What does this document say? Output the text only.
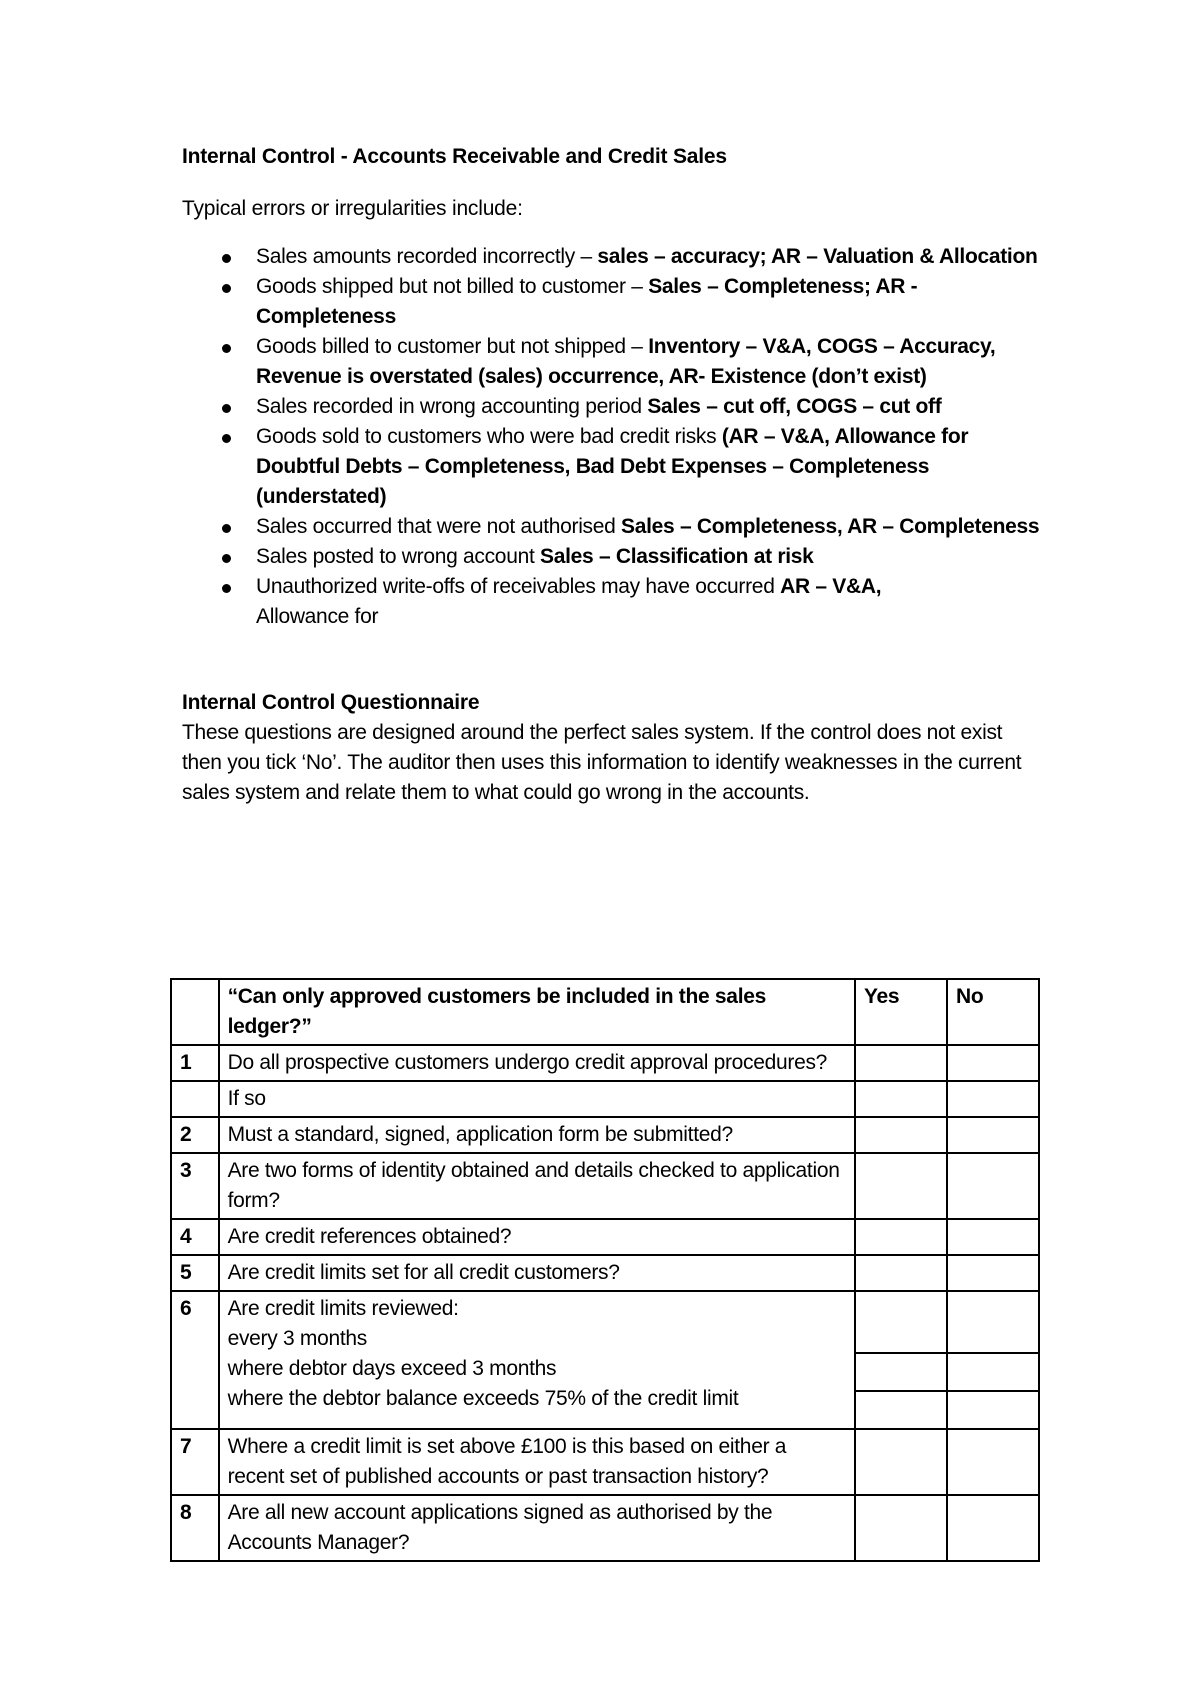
Internal Control - Accounts Receivable and Credit Sales

Typical errors or irregularities include:

Sales amounts recorded incorrectly – sales – accuracy; AR – Valuation & Allocation
Goods shipped but not billed to customer – Sales – Completeness; AR - Completeness
Goods billed to customer but not shipped – Inventory – V&A, COGS – Accuracy, Revenue is overstated (sales) occurrence, AR- Existence (don’t exist)
Sales recorded in wrong accounting period Sales – cut off, COGS – cut off
Goods sold to customers who were bad credit risks (AR – V&A, Allowance for Doubtful Debts – Completeness, Bad Debt Expenses – Completeness (understated)
Sales occurred that were not authorised Sales – Completeness, AR – Completeness
Sales posted to wrong account Sales – Classification at risk
Unauthorized write-offs of receivables may have occurred AR – V&A,
Allowance for

Internal Control Questionnaire

These questions are designed around the perfect sales system. If the control does not exist then you tick ‘No’. The auditor then uses this information to identify weaknesses in the current sales system and relate them to what could go wrong in the accounts.

	“Can only approved customers be included in the sales ledger?”	Yes	No
1	Do all prospective customers undergo credit approval procedures?		
	If so		
2	Must a standard, signed, application form be submitted?		
3	Are two forms of identity obtained and details checked to application form?		
4	Are credit references obtained?		
5	Are credit limits set for all credit customers?		
6	Are credit limits reviewed:
every 3 months
where debtor days exceed 3 months
where the debtor balance exceeds 75% of the credit limit		

7	Where a credit limit is set above £100 is this based on either a recent set of published accounts or past transaction history?		
8	Are all new account applications signed as authorised by the Accounts Manager?		
